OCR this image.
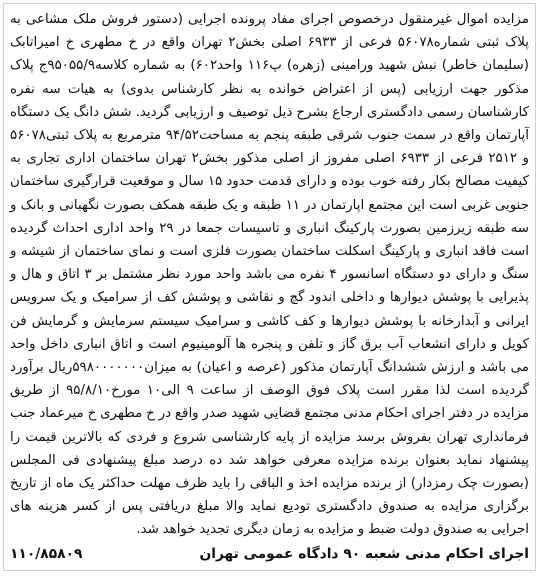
مزایده اموال غیرمنقول درخصوص اجرای مفاد پرونده اجرایی (دستور فروش ملک مشاعی به پلاک ثبتی شماره۵۶۰۷۸ فرعی از ۶۹۳۳ اصلی بخش۲ تهران واقع در خ مطهری خ امیراتابک (سلیمان خاطر) نبش شهید ورامینی (زهره) پ۱۱۶ واحد۶۰۲) به شماره کلاسه۹۵۰۵۵/۹ج پلاک مذکور جهت ارزیابی (پس از اعتراض خوانده به نظر کارشناس بدوی) به هیات سه نفره کارشناسان رسمی دادگستری ارجاع بشرح ذیل توصیف و ارزیابی گردید. شش دانگ یک دستگاه آپارتمان واقع در سمت جنوب شرقی طبقه پنجم به مساحت۹۴/۵۲ مترمربع به پلاک ثبتی۵۶۰۷۸ و ۲۵۱۲ فرعی از ۶۹۳۳ اصلی مفروز از اصلی مذکور بخش۲ تهران ساختمان اداری تجاری به کیفیت مصالح بکار رفته خوب بوده و دارای قدمت حدود ۱۵ سال و موقعیت قرارگیری ساختمان جنوبی غربی است این مجتمع اپارتمان در ۱۱ طبقه و یک طبقه همکف بصورت نگهبانی و بانک و سه طبقه زیرزمین بصورت پارکینگ انباری و تاسیسات جمعا در ۲۹ واحد اداری احداث گردیده است فاقد انباری و پارکینگ اسکلت ساختمان بصورت فلزی است و نمای ساختمان از شیشه و سنگ و دارای دو دستگاه اسانسور ۴ نفره می باشد واحد مورد نظر مشتمل بر ۳ اتاق و هال و پذیرایی با پوشش دیوارها و داخلی اندود گچ و نقاشی و پوشش کف از سرامیک و یک سرویس ایرانی و آبدارخانه با پوشش دیوارها و کف کاشی و سرامیک سیستم سرمایش و گرمایش فن کویل و دارای انشعاب آب برق گاز و تلفن و پنجره ها آلومینیوم است و اتاق انباری داخل واحد می باشد و ارزش ششدانگ آپارتمان مذکور (عرصه و اعیان) به میزان۵۹۸۰۰۰۰۰۰۰ریال برآورد گردیده است لذا مقرر است پلاک فوق الوصف از ساعت ۹ الی۱۰ مورخ۹۵/۸/۱۰ از طریق مزایده در دفتر اجرای احکام مدنی مجتمع قضایی شهید صدر واقع در خ مطهری خ میرعماد جنب فرمانداری تهران بفروش برسد مزایده از پایه کارشناسی شروع و فردی که بالاترین قیمت را پیشنهاد نماید بعنوان برنده مزایده معرفی خواهد شد ده درصد مبلغ پیشنهادی فی المجلس (بصورت چک رمزدار) از برنده مزایده اخذ و الباقی را باید ظرف مهلت حداکثر یک ماه از تاریخ برگزاری مزایده به صندوق دادگستری تودیع نماید والا مبلغ دریافتی پس از کسر هزینه های اجرایی به صندوق دولت ضبط و مزایده به زمان دیگری تجدید خواهد شد.

اجرای احکام مدنی شعبه ۹۰ دادگاه عمومی تهران
۱۱۰/۸۵۸۰۹
